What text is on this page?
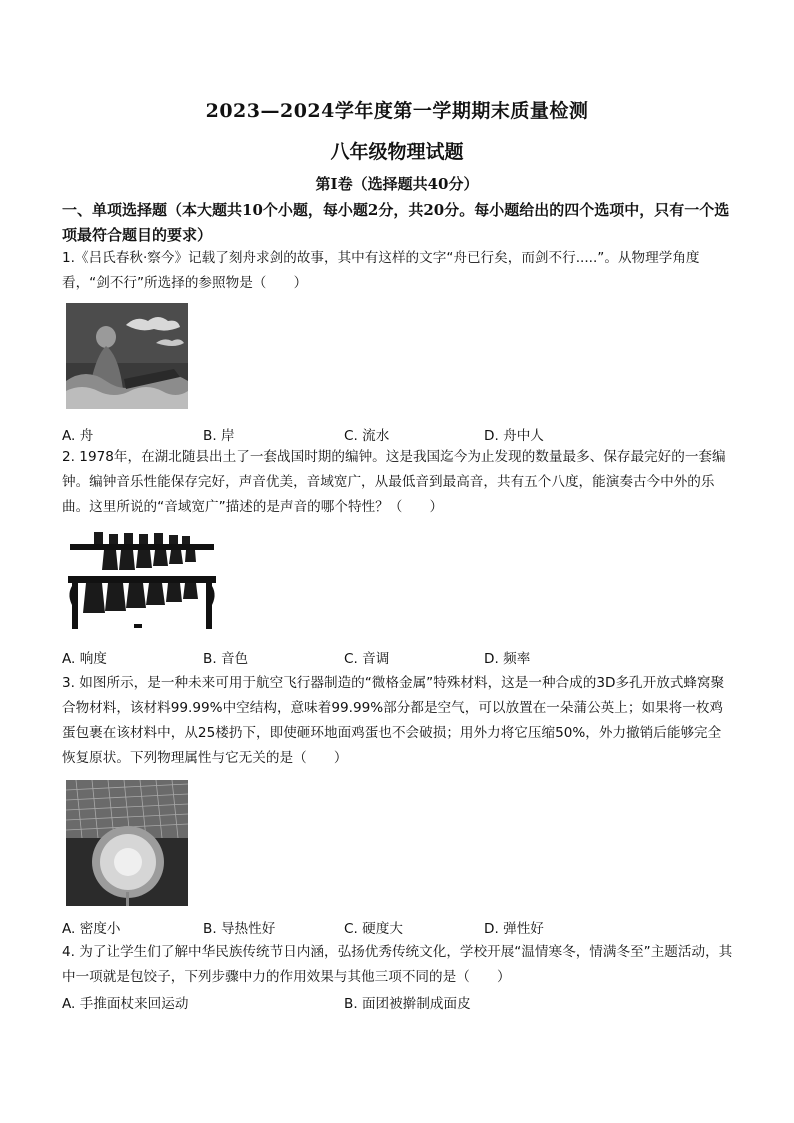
2023—2024学年度第一学期期末质量检测
八年级物理试题
第Ⅰ卷（选择题共40分）
一、单项选择题（本大题共10个小题，每小题2分，共20分。每小题给出的四个选项中，只有一个选项最符合题目的要求）
1.《吕氏春秋·察今》记载了刻舟求剑的故事，其中有这样的文字“舟已行矣，而剑不行.....”。从物理学角度看，“剑不行”所选择的参照物是（　　）
A. 舟	B. 岸	C. 流水	D. 舟中人
2. 1978年，在湖北随县出土了一套战国时期的编钟。这是我国迄今为止发现的数量最多、保存最完好的一套编钟。编钟音乐性能保存完好，声音优美，音域宽广，从最低音到最高音，共有五个八度，能演奏古今中外的乐曲。这里所说的“音域宽广”描述的是声音的哪个特性？（　　）
A. 响度	B. 音色	C. 音调	D. 频率
3. 如图所示，是一种未来可用于航空飞行器制造的“微格金属”特殊材料，这是一种合成的3D多孔开放式蜂窝聚合物材料，该材料99.99%中空结构，意味着99.99%部分都是空气，可以放置在一朵蒲公英上；如果将一枚鸡蛋包裹在该材料中，从25楼扔下，即使砸环地面鸡蛋也不会破损；用外力将它压缩50%，外力撤销后能够完全恢复原状。下列物理属性与它无关的是（　　）
A. 密度小	B. 导热性好	C. 硬度大	D. 弹性好
4. 为了让学生们了解中华民族传统节日内涵，弘扬优秀传统文化，学校开展“温情寒冬，情满冬至”主题活动，其中一项就是包饺子，下列步骤中力的作用效果与其他三项不同的是（　　）
A. 手推面杖来回运动	B. 面团被擀制成面皮
